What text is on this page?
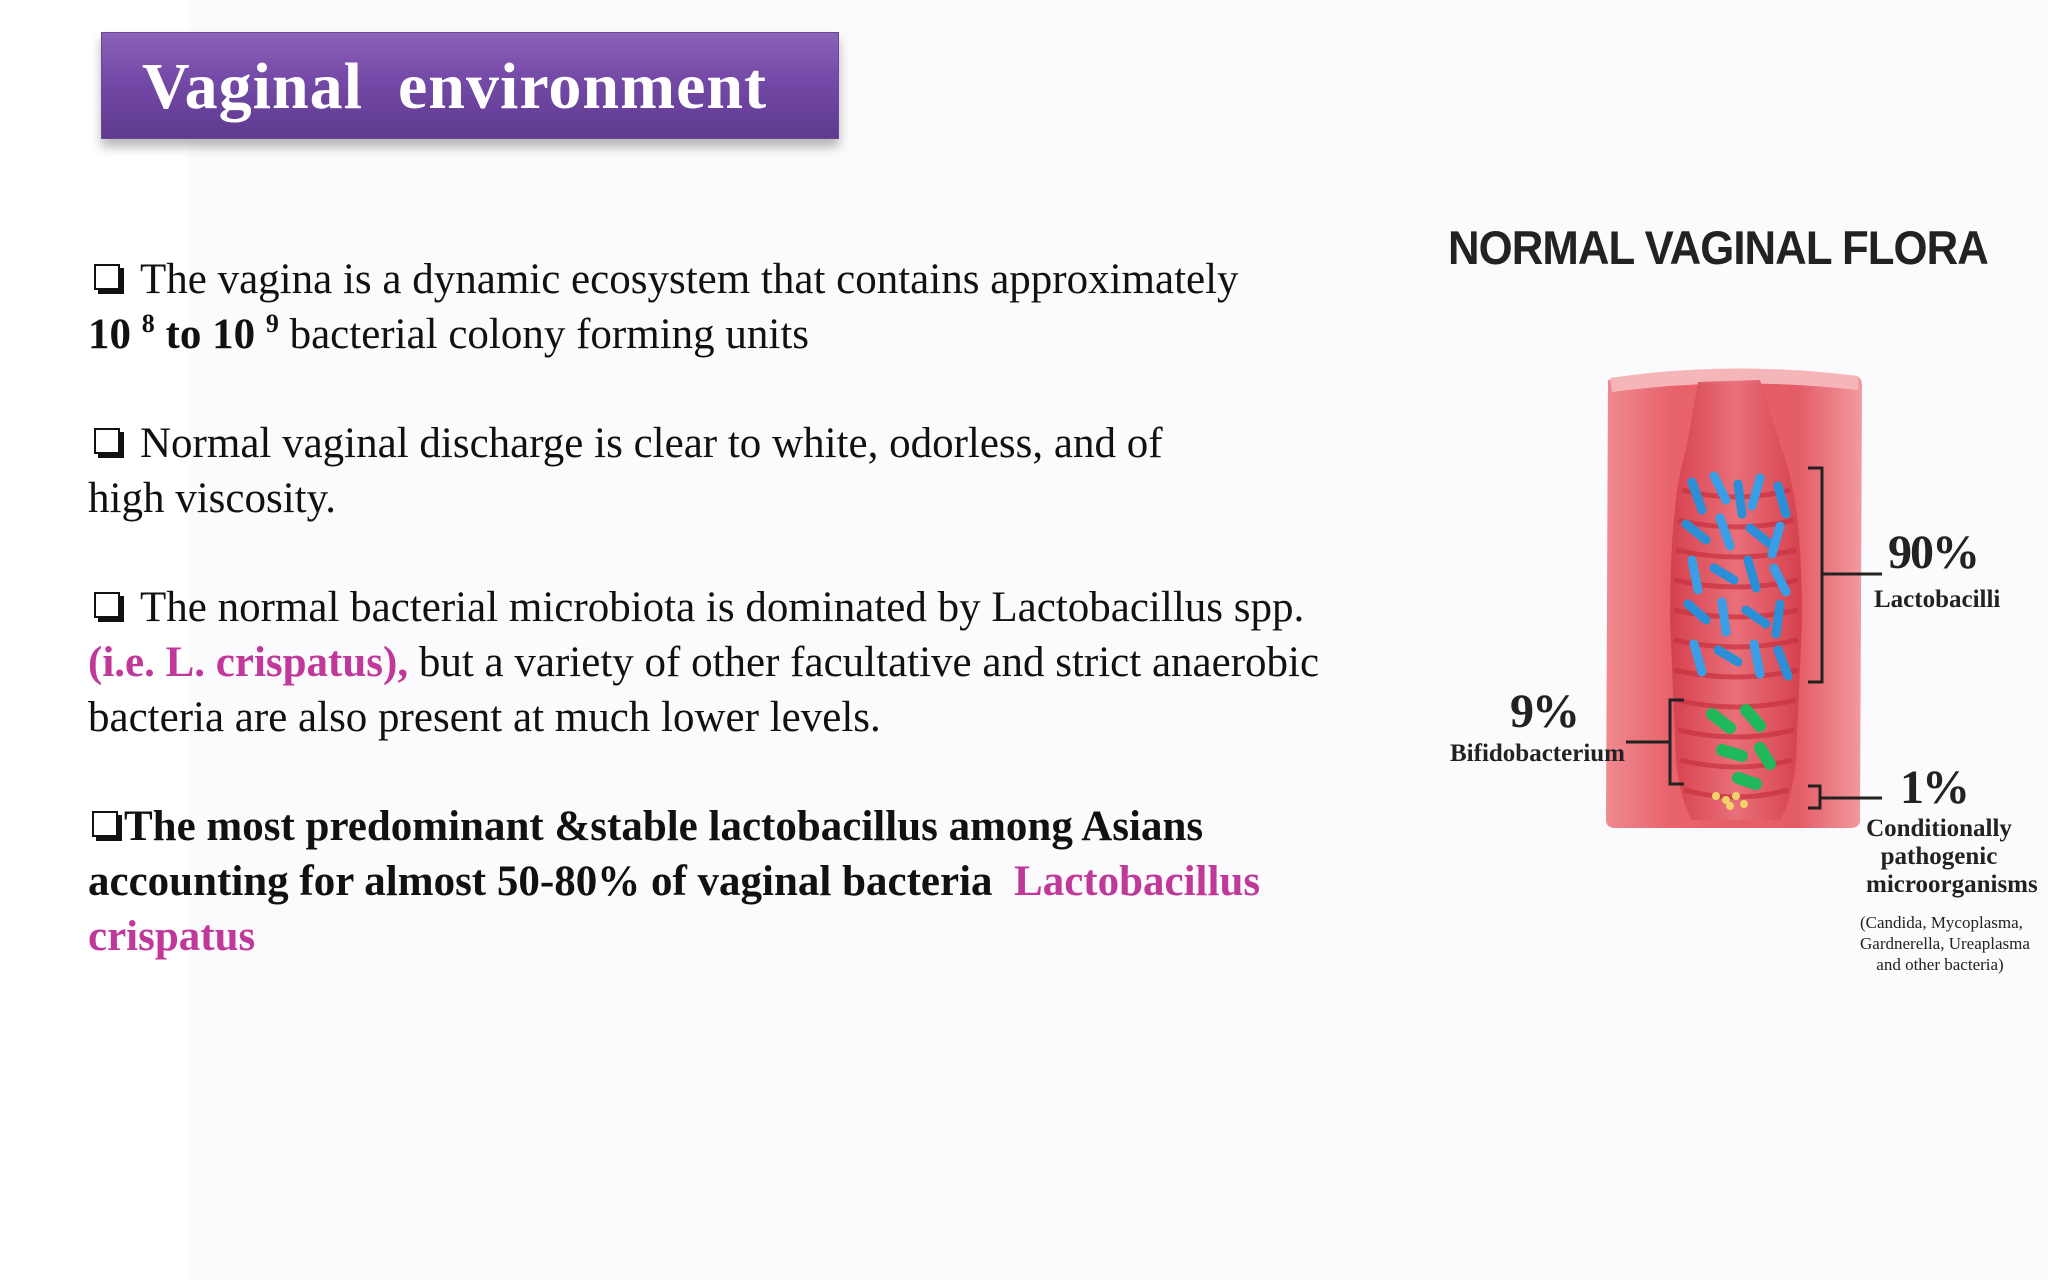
Vaginal  environment

The vagina is a dynamic ecosystem that contains approximately
10 $^8$ to 10 $^9$ bacterial colony forming units

Normal vaginal discharge is clear to white, odorless, and of
high viscosity.

The normal bacterial microbiota is dominated by Lactobacillus spp.
(i.e. L. crispatus), but a variety of other facultative and strict anaerobic
bacteria are also present at much lower levels.

The most predominant &stable lactobacillus among Asians
accounting for almost 50-80% of vaginal bacteria Lactobacillus
crispatus

NORMAL VAGINAL FLORA
90%
Lactobacilli
9%
Bifidobacterium
1%
Conditionally
pathogenic
microorganisms
(Candida, Mycoplasma,
Gardnerella, Ureaplasma
and other bacteria)
